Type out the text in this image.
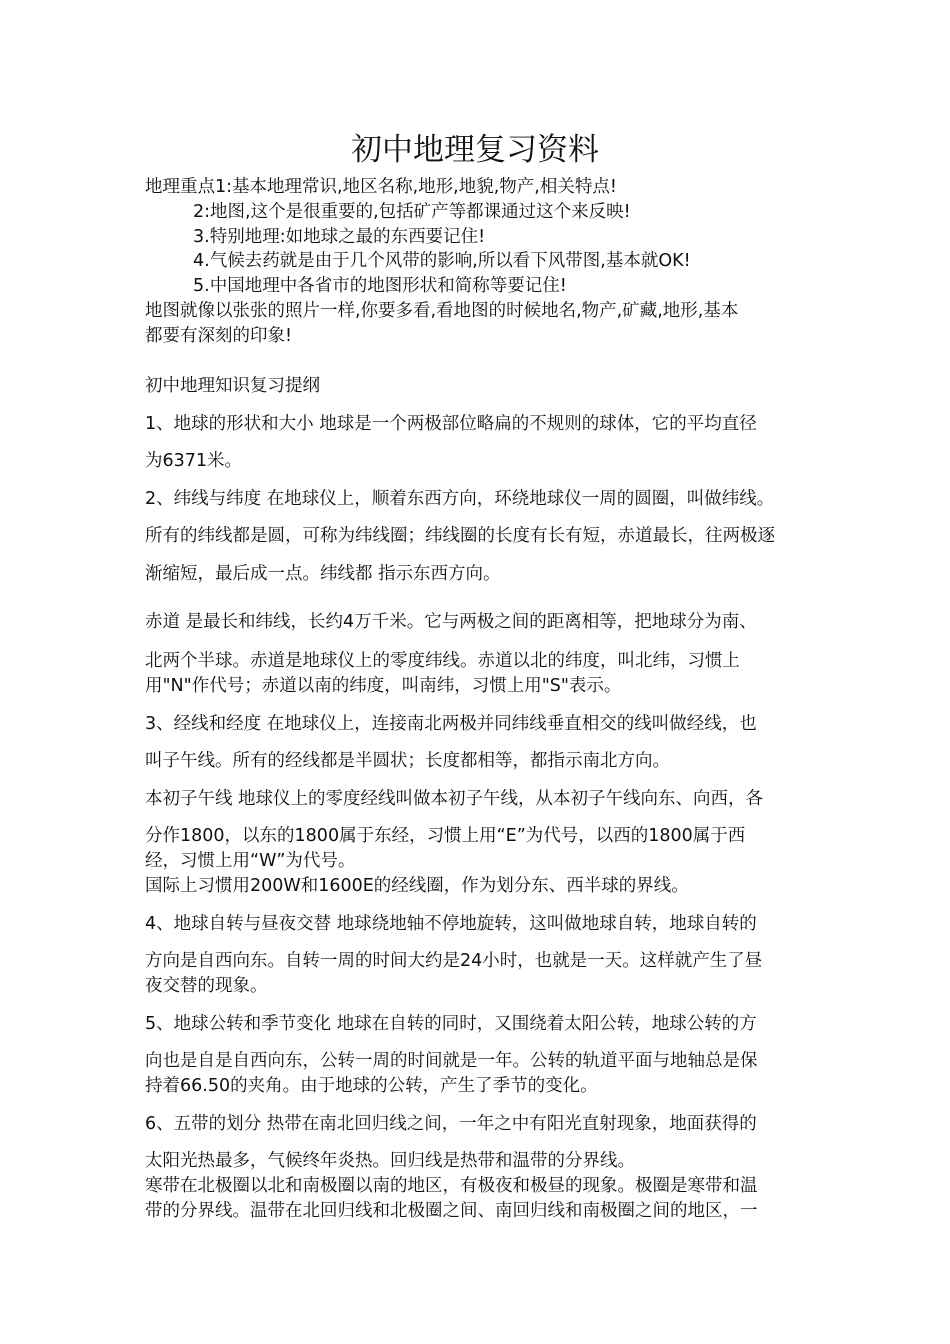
初中地理复习资料

地理重点1:基本地理常识,地区名称,地形,地貌,物产,相关特点!

2:地图,这个是很重要的,包括矿产等都课通过这个来反映!

3.特别地理:如地球之最的东西要记住!

4.气候去药就是由于几个风带的影响,所以看下风带图,基本就OK!

5.中国地理中各省市的地图形状和简称等要记住!

地图就像以张张的照片一样,你要多看,看地图的时候地名,物产,矿藏,地形,基本

都要有深刻的印象!

初中地理知识复习提纲

1、地球的形状和大小 地球是一个两极部位略扁的不规则的球体，它的平均直径

为6371米。

2、纬线与纬度 在地球仪上，顺着东西方向，环绕地球仪一周的圆圈，叫做纬线。

所有的纬线都是圆，可称为纬线圈；纬线圈的长度有长有短，赤道最长，往两极逐

渐缩短，最后成一点。纬线都 指示东西方向。

赤道 是最长和纬线，长约4万千米。它与两极之间的距离相等，把地球分为南、

北两个半球。赤道是地球仪上的零度纬线。赤道以北的纬度，叫北纬，习惯上

用"N"作代号；赤道以南的纬度，叫南纬，习惯上用"S"表示。

3、经线和经度 在地球仪上，连接南北两极并同纬线垂直相交的线叫做经线，也

叫子午线。所有的经线都是半圆状；长度都相等，都指示南北方向。

本初子午线 地球仪上的零度经线叫做本初子午线，从本初子午线向东、向西，各

分作1800，以东的1800属于东经，习惯上用“E”为代号，以西的1800属于西

经，习惯上用“W”为代号。

国际上习惯用200W和1600E的经线圈，作为划分东、西半球的界线。

4、地球自转与昼夜交替 地球绕地轴不停地旋转，这叫做地球自转，地球自转的

方向是自西向东。自转一周的时间大约是24小时，也就是一天。这样就产生了昼

夜交替的现象。

5、地球公转和季节变化 地球在自转的同时，又围绕着太阳公转，地球公转的方

向也是自是自西向东，公转一周的时间就是一年。公转的轨道平面与地轴总是保

持着66.50的夹角。由于地球的公转，产生了季节的变化。

6、五带的划分 热带在南北回归线之间，一年之中有阳光直射现象，地面获得的

太阳光热最多，气候终年炎热。回归线是热带和温带的分界线。

寒带在北极圈以北和南极圈以南的地区，有极夜和极昼的现象。极圈是寒带和温

带的分界线。温带在北回归线和北极圈之间、南回归线和南极圈之间的地区，一
